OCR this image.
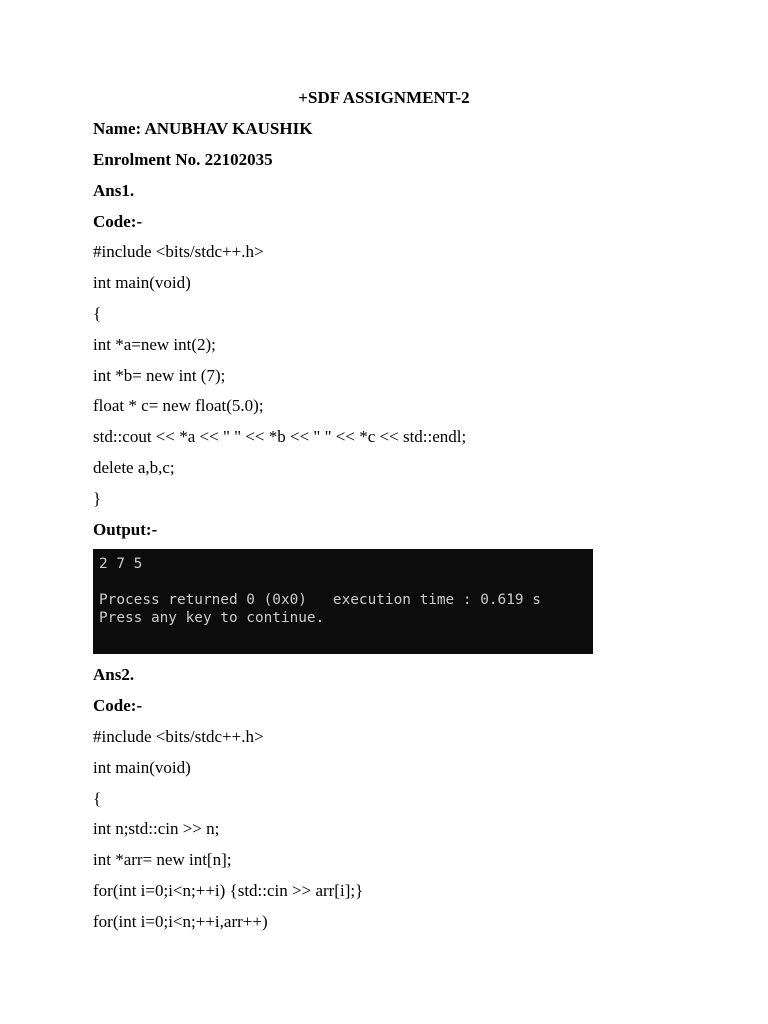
+SDF ASSIGNMENT-2
Name: ANUBHAV KAUSHIK
Enrolment No. 22102035
Ans1.
Code:-
#include <bits/stdc++.h>
int main(void)
{
int *a=new int(2);
int *b= new int (7);
float * c= new float(5.0);
std::cout << *a << " " << *b << " " << *c << std::endl;
delete a,b,c;
}
Output:-
2 7 5
Process returned 0 (0x0)   execution time : 0.619 s
Press any key to continue.
Ans2.
Code:-
#include <bits/stdc++.h>
int main(void)
{
int n;std::cin >> n;
int *arr= new int[n];
for(int i=0;i<n;++i) {std::cin >> arr[i];}
for(int i=0;i<n;++i,arr++)
